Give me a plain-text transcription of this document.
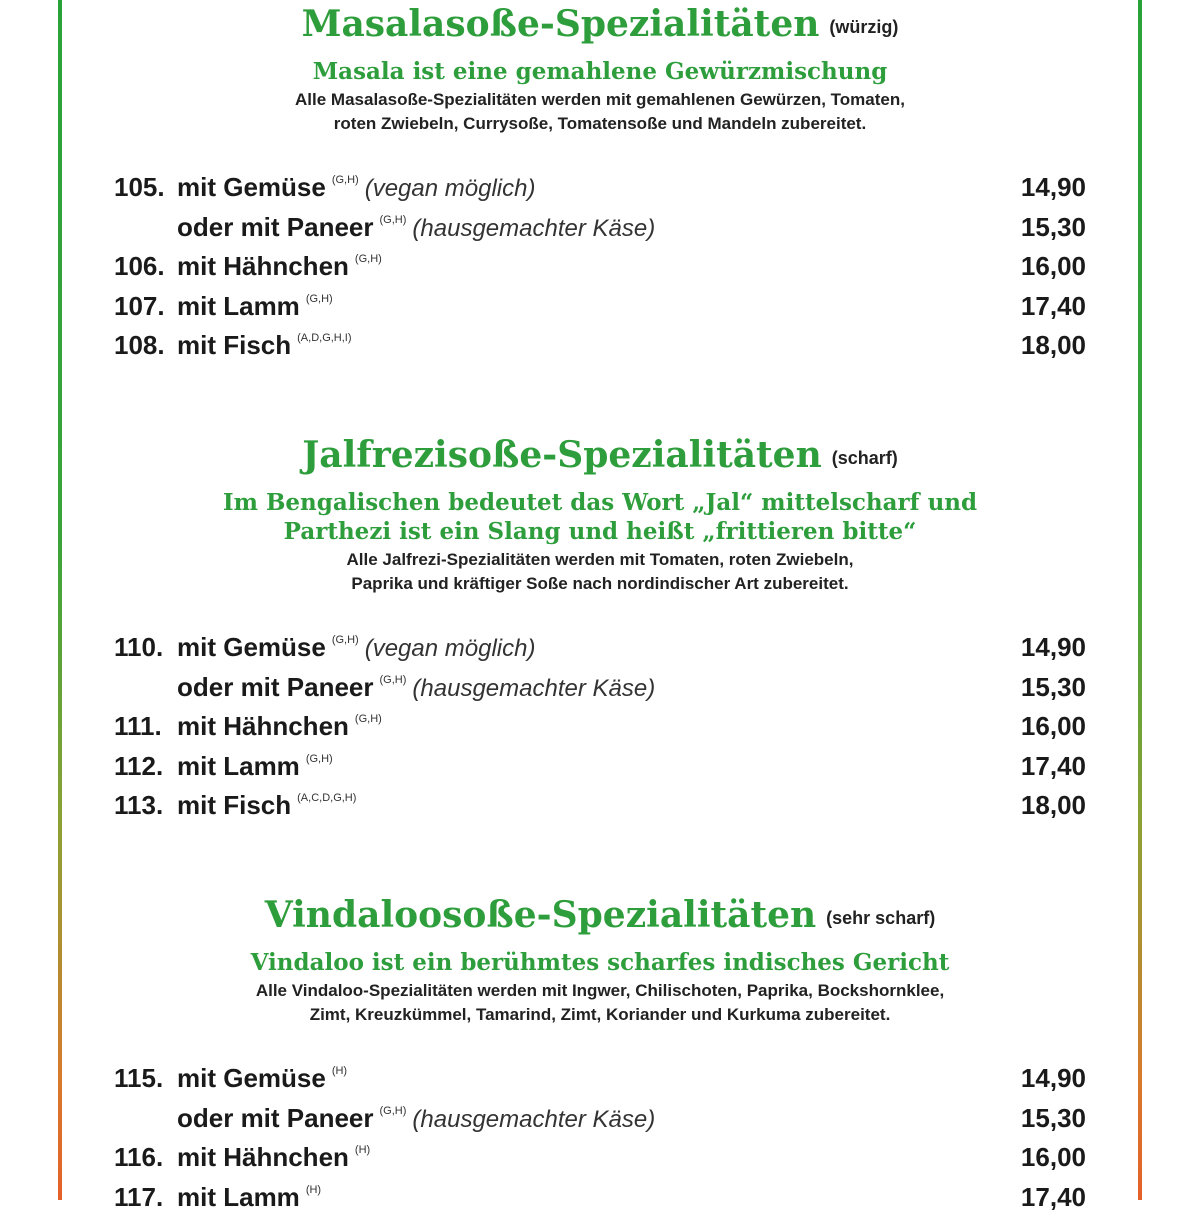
Masalasoße-Spezialitäten (würzig)
Masala ist eine gemahlene Gewürzmischung
Alle Masalasoße-Spezialitäten werden mit gemahlenen Gewürzen, Tomaten,
roten Zwiebeln, Currysoße, Tomatensoße und Mandeln zubereitet.
105. mit Gemüse $^{(G,H)}$ (vegan möglich)	14,90
oder mit Paneer $^{(G,H)}$ (hausgemachter Käse)	15,30
106. mit Hähnchen $^{(G,H)}$	16,00
107. mit Lamm $^{(G,H)}$	17,40
108. mit Fisch $^{(A,D,G,H,I)}$	18,00
Jalfrezisoße-Spezialitäten (scharf)
Im Bengalischen bedeutet das Wort „Jal“ mittelscharf und
Parthezi ist ein Slang und heißt „frittieren bitte“
Alle Jalfrezi-Spezialitäten werden mit Tomaten, roten Zwiebeln,
Paprika und kräftiger Soße nach nordindischer Art zubereitet.
110. mit Gemüse $^{(G,H)}$ (vegan möglich)	14,90
oder mit Paneer $^{(G,H)}$ (hausgemachter Käse)	15,30
111. mit Hähnchen $^{(G,H)}$	16,00
112. mit Lamm $^{(G,H)}$	17,40
113. mit Fisch $^{(A,C,D,G,H)}$	18,00
Vindaloosoße-Spezialitäten (sehr scharf)
Vindaloo ist ein berühmtes scharfes indisches Gericht
Alle Vindaloo-Spezialitäten werden mit Ingwer, Chilischoten, Paprika, Bockshornklee,
Zimt, Kreuzkümmel, Tamarind, Zimt, Koriander und Kurkuma zubereitet.
115. mit Gemüse $^{(H)}$	14,90
oder mit Paneer $^{(G,H)}$ (hausgemachter Käse)	15,30
116. mit Hähnchen $^{(H)}$	16,00
117. mit Lamm $^{(H)}$	17,40
